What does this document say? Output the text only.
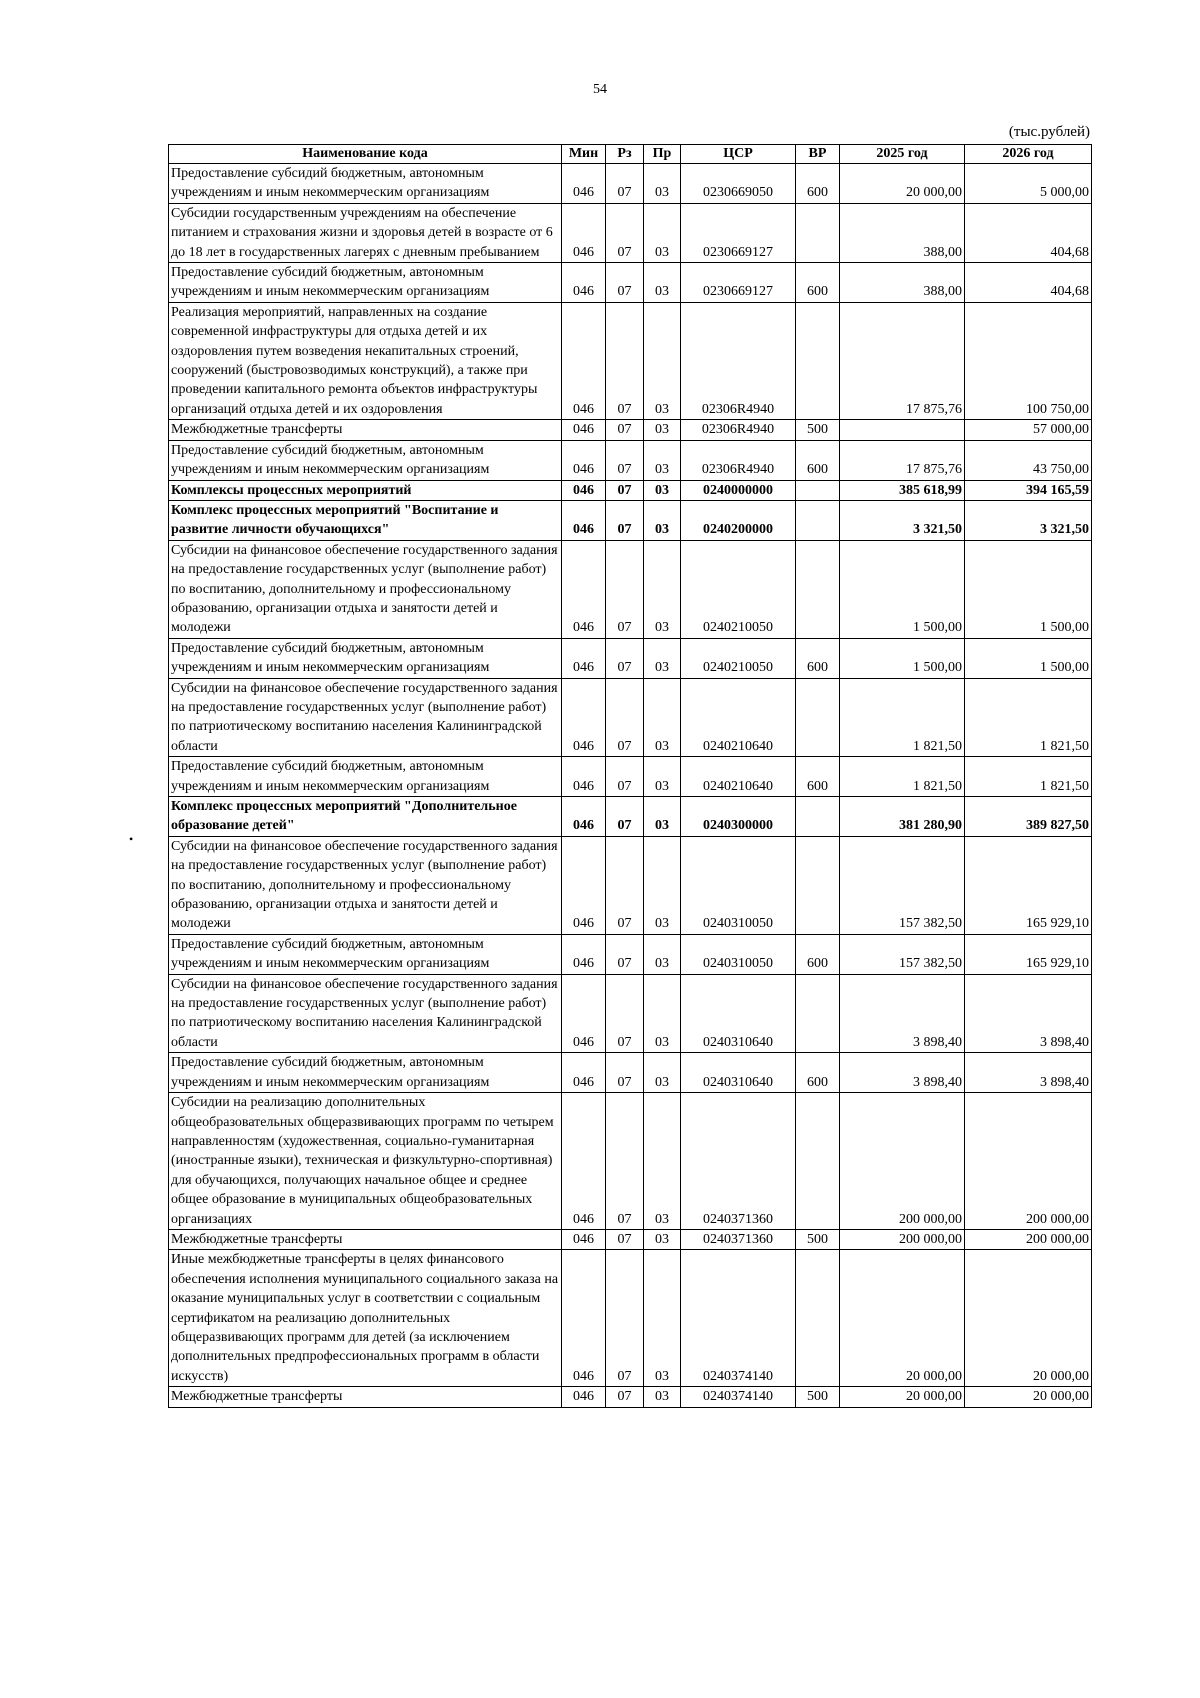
54
(тыс.рублей)
•
Наименование кода	Мин	Рз	Пр	ЦСР	ВР	2025 год	2026 год
Предоставление субсидий бюджетным, автономным учреждениям и иным некоммерческим организациям	046	07	03	0230669050	600	20 000,00	5 000,00
Субсидии государственным учреждениям на обеспечение питанием и страхования жизни и здоровья детей в возрасте от 6 до 18 лет в государственных лагерях с дневным пребыванием	046	07	03	0230669127		388,00	404,68
Предоставление субсидий бюджетным, автономным учреждениям и иным некоммерческим организациям	046	07	03	0230669127	600	388,00	404,68
Реализация мероприятий, направленных на создание современной инфраструктуры для отдыха детей и их оздоровления путем возведения некапитальных строений, сооружений (быстровозводимых конструкций), а также при проведении капитального ремонта объектов инфраструктуры организаций отдыха детей и их оздоровления	046	07	03	02306R4940		17 875,76	100 750,00
Межбюджетные трансферты	046	07	03	02306R4940	500		57 000,00
Предоставление субсидий бюджетным, автономным учреждениям и иным некоммерческим организациям	046	07	03	02306R4940	600	17 875,76	43 750,00
Комплексы процессных мероприятий	046	07	03	0240000000		385 618,99	394 165,59
Комплекс процессных мероприятий "Воспитание и развитие личности обучающихся"	046	07	03	0240200000		3 321,50	3 321,50
Субсидии на финансовое обеспечение государственного задания на предоставление государственных услуг (выполнение работ) по воспитанию, дополнительному и профессиональному образованию, организации отдыха и занятости детей и молодежи	046	07	03	0240210050		1 500,00	1 500,00
Предоставление субсидий бюджетным, автономным учреждениям и иным некоммерческим организациям	046	07	03	0240210050	600	1 500,00	1 500,00
Субсидии на финансовое обеспечение государственного задания на предоставление государственных услуг (выполнение работ) по патриотическому воспитанию населения Калининградской области	046	07	03	0240210640		1 821,50	1 821,50
Предоставление субсидий бюджетным, автономным учреждениям и иным некоммерческим организациям	046	07	03	0240210640	600	1 821,50	1 821,50
Комплекс процессных мероприятий "Дополнительное образование детей"	046	07	03	0240300000		381 280,90	389 827,50
Субсидии на финансовое обеспечение государственного задания на предоставление государственных услуг (выполнение работ) по воспитанию, дополнительному и профессиональному образованию, организации отдыха и занятости детей и молодежи	046	07	03	0240310050		157 382,50	165 929,10
Предоставление субсидий бюджетным, автономным учреждениям и иным некоммерческим организациям	046	07	03	0240310050	600	157 382,50	165 929,10
Субсидии на финансовое обеспечение государственного задания на предоставление государственных услуг (выполнение работ) по патриотическому воспитанию населения Калининградской области	046	07	03	0240310640		3 898,40	3 898,40
Предоставление субсидий бюджетным, автономным учреждениям и иным некоммерческим организациям	046	07	03	0240310640	600	3 898,40	3 898,40
Субсидии на реализацию дополнительных общеобразовательных общеразвивающих программ по четырем направленностям (художественная, социально-гуманитарная (иностранные языки), техническая и физкультурно-спортивная) для обучающихся, получающих начальное общее и среднее общее образование в муниципальных общеобразовательных организациях	046	07	03	0240371360		200 000,00	200 000,00
Межбюджетные трансферты	046	07	03	0240371360	500	200 000,00	200 000,00
Иные межбюджетные трансферты в целях финансового обеспечения исполнения муниципального социального заказа на оказание муниципальных услуг в соответствии с социальным сертификатом на реализацию дополнительных общеразвивающих программ для детей (за исключением дополнительных предпрофессиональных программ в области искусств)	046	07	03	0240374140		20 000,00	20 000,00
Межбюджетные трансферты	046	07	03	0240374140	500	20 000,00	20 000,00
